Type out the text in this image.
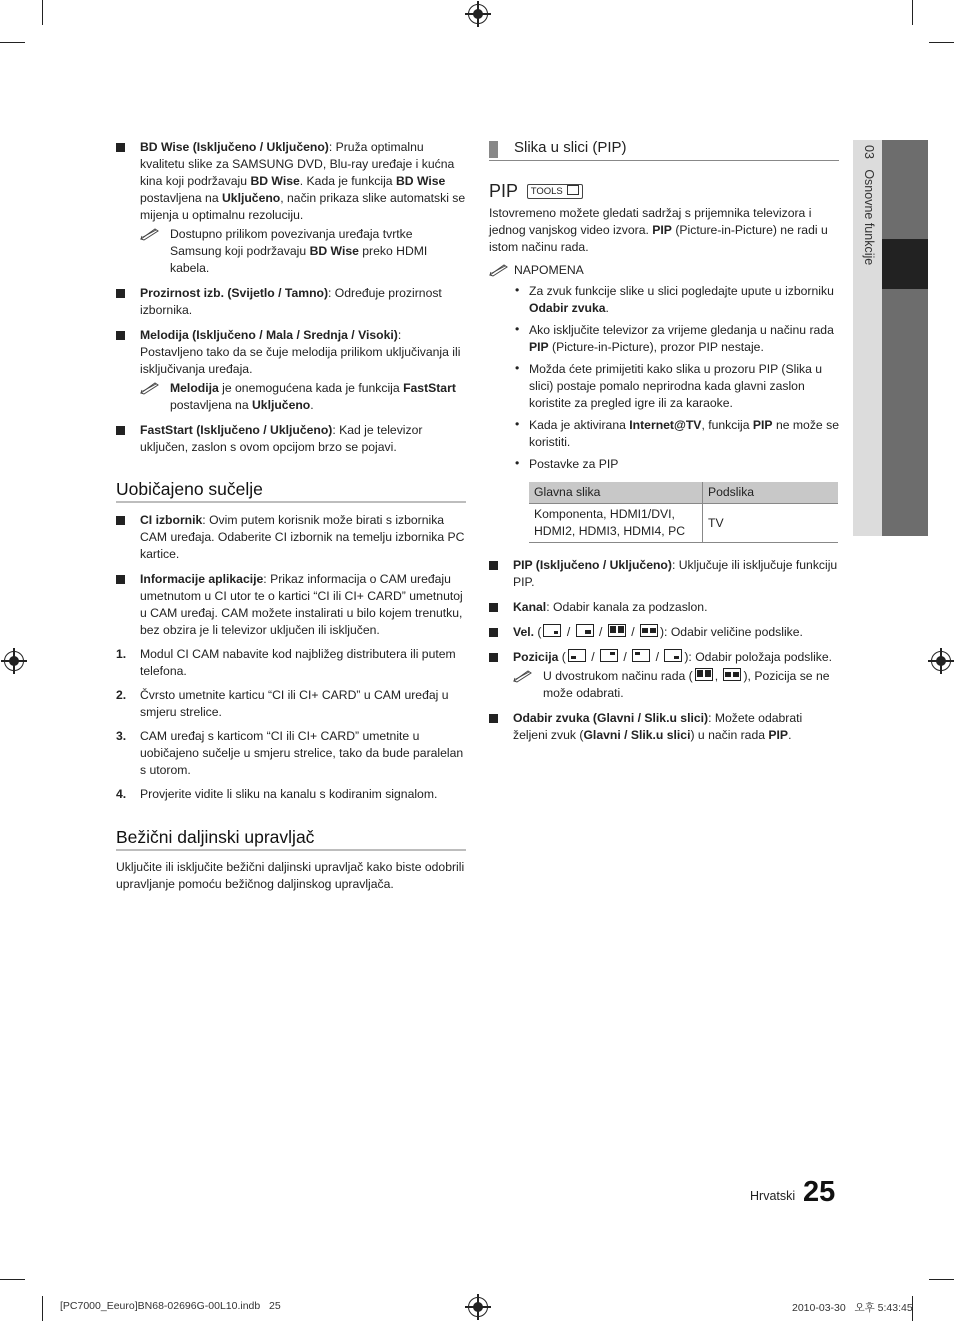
03   Osnovne funkcije
BD Wise (Isključeno / Uključeno): Pruža optimalnu kvalitetu slike za SAMSUNG DVD, Blu-ray uređaje i kućna kina koji podržavaju BD Wise. Kada je funkcija BD Wise postavljena na Uključeno, način prikaza slike automatski se mijenja u optimalnu rezoluciju.
Dostupno prilikom povezivanja uređaja tvrtke Samsung koji podržavaju BD Wise preko HDMI kabela.
Prozirnost izb. (Svijetlo / Tamno): Određuje prozirnost izbornika.
Melodija (Isključeno / Mala / Srednja / Visoki): Postavljeno tako da se čuje melodija prilikom uključivanja ili isključivanja uređaja.
Melodija je onemogućena kada je funkcija FastStart postavljena na Uključeno.
FastStart (Isključeno / Uključeno): Kad je televizor uključen, zaslon s ovom opcijom brzo se pojavi.
Uobičajeno sučelje
CI izbornik: Ovim putem korisnik može birati s izbornika CAM uređaja. Odaberite CI izbornik na temelju izbornika PC kartice.
Informacije aplikacije: Prikaz informacija o CAM uređaju umetnutom u CI utor te o kartici “CI ili CI+ CARD” umetnutoj u CAM uređaj. CAM možete instalirati u bilo kojem trenutku, bez obzira je li televizor uključen ili isključen.
1. Modul CI CAM nabavite kod najbližeg distributera ili putem telefona.
2. Čvrsto umetnite karticu “CI ili CI+ CARD” u CAM uređaj u smjeru strelice.
3. CAM uređaj s karticom “CI ili CI+ CARD” umetnite u uobičajeno sučelje u smjeru strelice, tako da bude paralelan s utorom.
4. Provjerite vidite li sliku na kanalu s kodiranim signalom.
Bežični daljinski upravljač
Uključite ili isključite bežični daljinski upravljač kako biste odobrili upravljanje pomoću bežičnog daljinskog upravljača.
Slika u slici (PIP)
PIP TOOLS
Istovremeno možete gledati sadržaj s prijemnika televizora i jednog vanjskog video izvora. PIP (Picture-in-Picture) ne radi u istom načinu rada.
NAPOMENA
• Za zvuk funkcije slike u slici pogledajte upute u izborniku Odabir zvuka.
• Ako isključite televizor za vrijeme gledanja u načinu rada PIP (Picture-in-Picture), prozor PIP nestaje.
• Možda ćete primijetiti kako slika u prozoru PIP (Slika u slici) postaje pomalo neprirodna kada glavni zaslon koristite za pregled igre ili za karaoke.
• Kada je aktivirana Internet@TV, funkcija PIP ne može se koristiti.
• Postavke za PIP
Glavna slika	Podslika
Komponenta, HDMI1/DVI, HDMI2, HDMI3, HDMI4, PC	TV
PIP (Isključeno / Uključeno): Uključuje ili isključuje funkciju PIP.
Kanal: Odabir kanala za podzaslon.
Vel. (
/
/
/
): Odabir veličine podslike.
Pozicija (
/
/
/
): Odabir položaja podslike.
U dvostrukom načinu rada ( ,
), Pozicija se ne može odabrati.
Odabir zvuka (Glavni / Slik.u slici): Možete odabrati željeni zvuk (Glavni / Slik.u slici) u način rada PIP.
Hrvatski 25
[PC7000_Eeuro]BN68-02696G-00L10.indb   25	2010-03-30   오후 5:43:45
